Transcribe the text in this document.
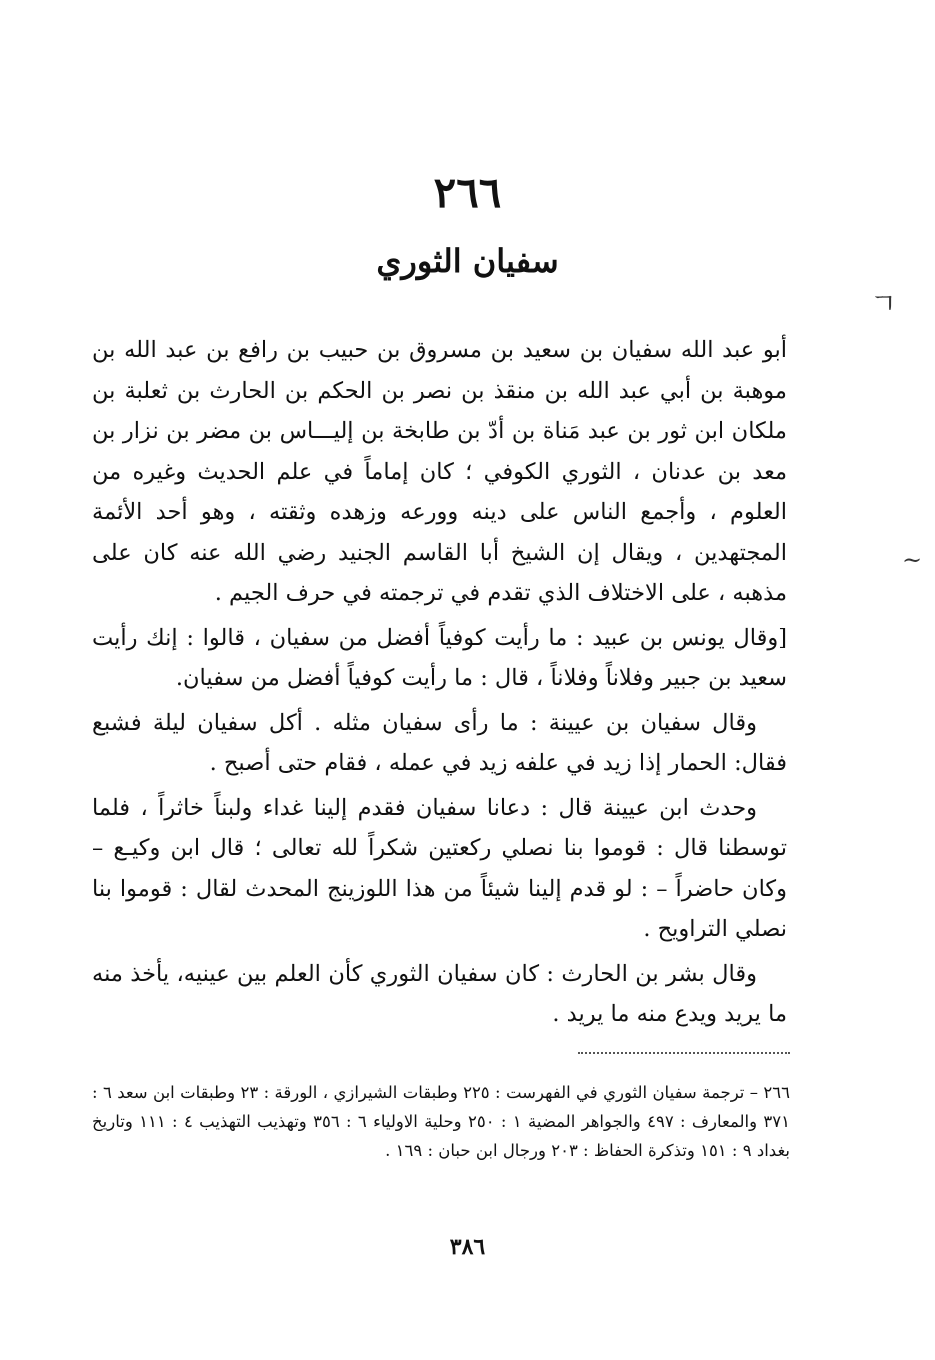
٢٦٦
سفيان الثوري
ㄱ
~

أبو عبد الله سفيان بن سعيد بن مسروق بن حبيب بن رافع بن عبد الله بن موهبة بن أبي عبد الله بن منقذ بن نصر بن الحكم بن الحارث بن ثعلبة بن ملكان ابن ثور بن عبد مَناة بن أدّ بن طابخة بن إليـــاس بن مضر بن نزار بن معد بن عدنان ، الثوري الكوفي ؛ كان إماماً في علم الحديث وغيره من العلوم ، وأجمع الناس على دينه وورعه وزهده وثقته ، وهو أحد الأئمة المجتهدين ، ويقال إن الشيخ أبا القاسم الجنيد رضي الله عنه كان على مذهبه ، على الاختلاف الذي تقدم في ترجمته في حرف الجيم .

[وقال يونس بن عبيد : ما رأيت كوفياً أفضل من سفيان ، قالوا : إنك رأيت سعيد بن جبير وفلاناً وفلاناً ، قال : ما رأيت كوفياً أفضل من سفيان.

وقال سفيان بن عيينة : ما رأى سفيان مثله . أكل سفيان ليلة فشبع فقال: الحمار إذا زيد في علفه زيد في عمله ، فقام حتى أصبح .

وحدث ابن عيينة قال : دعانا سفيان فقدم إلينا غداء ولبناً خاثراً ، فلما توسطنا قال : قوموا بنا نصلي ركعتين شكراً لله تعالى ؛ قال ابن وكيـع – وكان حاضراً – : لو قدم إلينا شيئاً من هذا اللوزينج المحدث لقال : قوموا بنا نصلي التراويح .

وقال بشر بن الحارث : كان سفيان الثوري كأن العلم بين عينيه، يأخذ منه ما يريد ويدع منه ما يريد .

٢٦٦ – ترجمة سفيان الثوري في الفهرست : ٢٢٥ وطبقات الشيرازي ، الورقة : ٢٣ وطبقات ابن سعد ٦ : ٣٧١ والمعارف : ٤٩٧ والجواهر المضية ١ : ٢٥٠ وحلية الاولياء ٦ : ٣٥٦ وتهذيب التهذيب ٤ : ١١١ وتاريخ بغداد ٩ : ١٥١ وتذكرة الحفاظ : ٢٠٣ ورجال ابن حبان : ١٦٩ .

٣٨٦
